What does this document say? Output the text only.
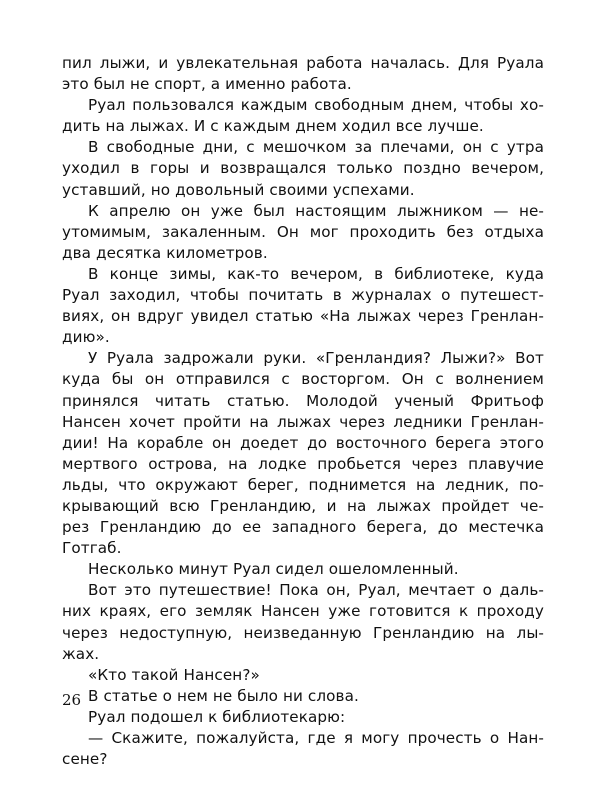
пил лыжи, и увлекательная работа началась. Для Руала
это был не спорт, а именно работа.
Руал пользовался каждым свободным днем, чтобы хо-
дить на лыжах. И с каждым днем ходил все лучше.
В свободные дни, с мешочком за плечами, он с утра
уходил в горы и возвращался только поздно вечером,
уставший, но довольный своими успехами.
К апрелю он уже был настоящим лыжником — не-
утомимым, закаленным. Он мог проходить без отдыха
два десятка километров.
В конце зимы, как-то вечером, в библиотеке, куда
Руал заходил, чтобы почитать в журналах о путешест-
виях, он вдруг увидел статью «На лыжах через Гренлан-
дию».
У Руала задрожали руки. «Гренландия? Лыжи?» Вот
куда бы он отправился с восторгом. Он с волнением
принялся читать статью. Молодой ученый Фритьоф
Нансен хочет пройти на лыжах через ледники Гренлан-
дии! На корабле он доедет до восточного берега этого
мертвого острова, на лодке пробьется через плавучие
льды, что окружают берег, поднимется на ледник, по-
крывающий всю Гренландию, и на лыжах пройдет че-
рез Гренландию до ее западного берега, до местечка
Готгаб.
Несколько минут Руал сидел ошеломленный.
Вот это путешествие! Пока он, Руал, мечтает о даль-
них краях, его земляк Нансен уже готовится к проходу
через недоступную, неизведанную Гренландию на лы-
жах.
«Кто такой Нансен?»
В статье о нем не было ни слова.
Руал подошел к библиотекарю:
— Скажите, пожалуйста, где я могу прочесть о Нан-
сене?
26
